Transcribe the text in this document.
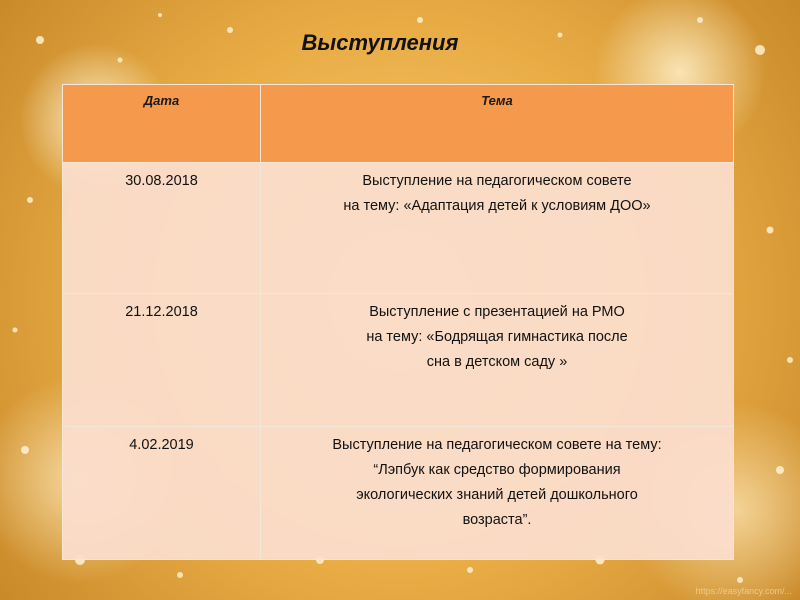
Выступления
Дата	Тема
30.08.2018	Выступление на педагогическом совете
на тему: «Адаптация детей к условиям ДОО»

21.12.2018	Выступление с презентацией на РМО
на тему: «Бодрящая гимнастика после
сна в детском саду »

4.02.2019	Выступление на педагогическом совете на тему:
“Лэпбук как средство формирования
экологических знаний детей дошкольного
возраста”.
https://easyfancy.com/...
